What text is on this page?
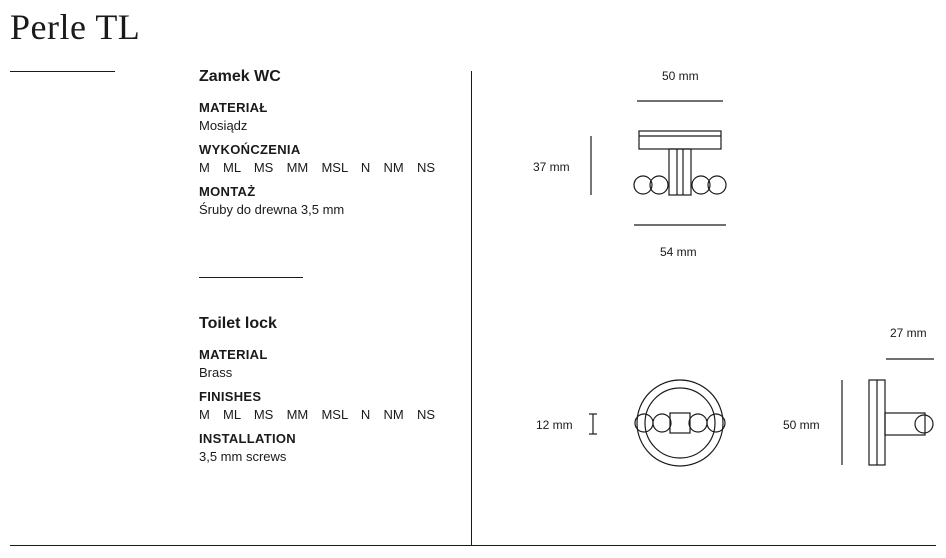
Perle TL

Zamek WC

MATERIAŁ

Mosiądz

WYKOŃCZENIA

M  ML  MS  MM  MSL  N  NM  NS

MONTAŻ

Śruby do drewna 3,5 mm

Toilet lock

MATERIAL

Brass

FINISHES

M  ML  MS  MM  MSL  N  NM  NS

INSTALLATION

3,5 mm screws

50 mm
37 mm
54 mm
27 mm
12 mm	50 mm
